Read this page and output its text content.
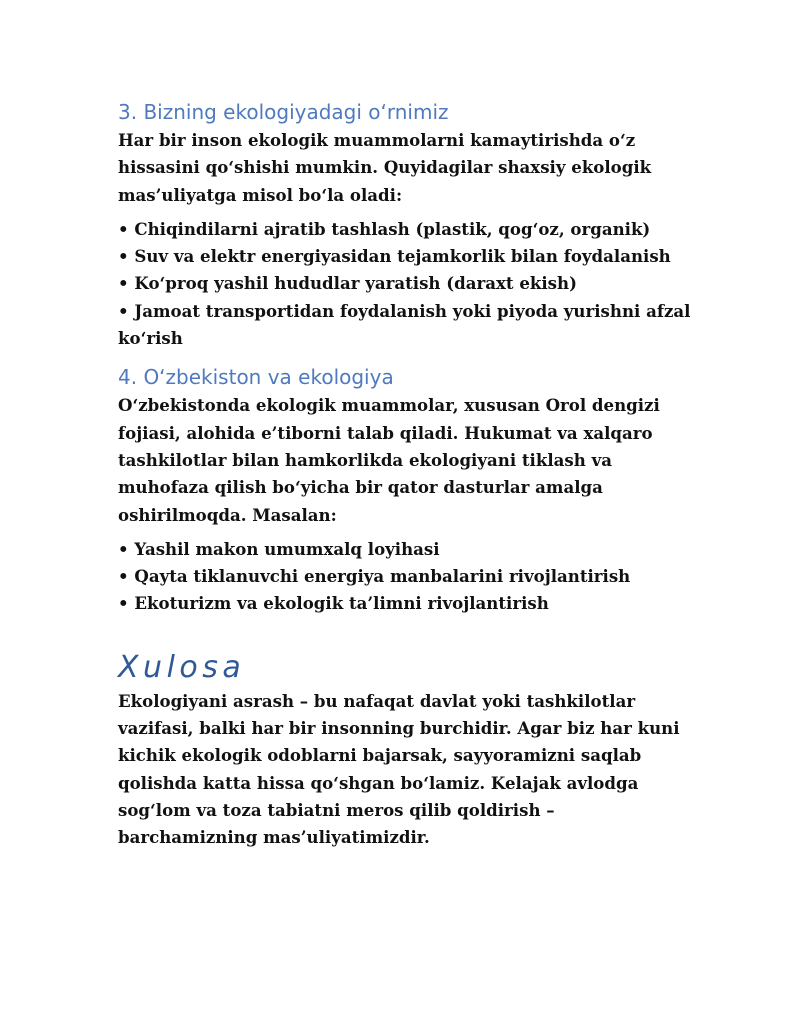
3. Bizning ekologiyadagi o‘rnimiz

Har bir inson ekologik muammolarni kamaytirishda o‘z hissasini qo‘shishi mumkin. Quyidagilar shaxsiy ekologik mas’uliyatga misol bo‘la oladi:

• Chiqindilarni ajratib tashlash (plastik, qog‘oz, organik)
• Suv va elektr energiyasidan tejamkorlik bilan foydalanish
• Ko‘proq yashil hududlar yaratish (daraxt ekish)
• Jamoat transportidan foydalanish yoki piyoda yurishni afzal ko‘rish
4. O‘zbekiston va ekologiya

O‘zbekistonda ekologik muammolar, xususan Orol dengizi fojiasi, alohida e’tiborni talab qiladi. Hukumat va xalqaro tashkilotlar bilan hamkorlikda ekologiyani tiklash va muhofaza qilish bo‘yicha bir qator dasturlar amalga oshirilmoqda. Masalan:

• Yashil makon umumxalq loyihasi
• Qayta tiklanuvchi energiya manbalarini rivojlantirish
• Ekoturizm va ekologik ta’limni rivojlantirish
Xulosa

Ekologiyani asrash – bu nafaqat davlat yoki tashkilotlar vazifasi, balki har bir insonning burchidir. Agar biz har kuni kichik ekologik odoblarni bajarsak, sayyoramizni saqlab qolishda katta hissa qo‘shgan bo‘lamiz. Kelajak avlodga sog‘lom va toza tabiatni meros qilib qoldirish – barchamizning mas’uliyatimizdir.
